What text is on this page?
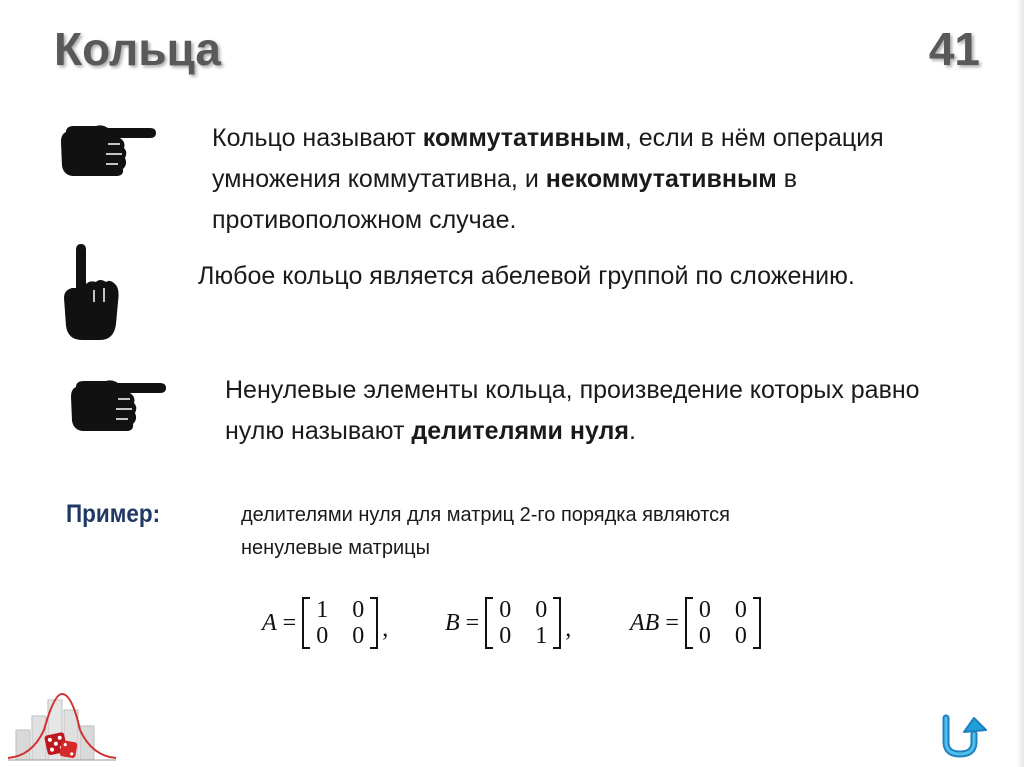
Кольца	41
Кольцо называют коммутативным, если в нём операция умножения коммутативна, и некоммутативным в противоположном случае.
Любое кольцо является абелевой группой по сложению.
Ненулевые элементы кольца, произведение которых равно нулю называют делителями нуля.
Пример:	делителями нуля для матриц 2-го порядка являются ненулевые матрицы
A = 1 0
0 0 , B = 0 0
0 1 , AB = 0 0
0 0
